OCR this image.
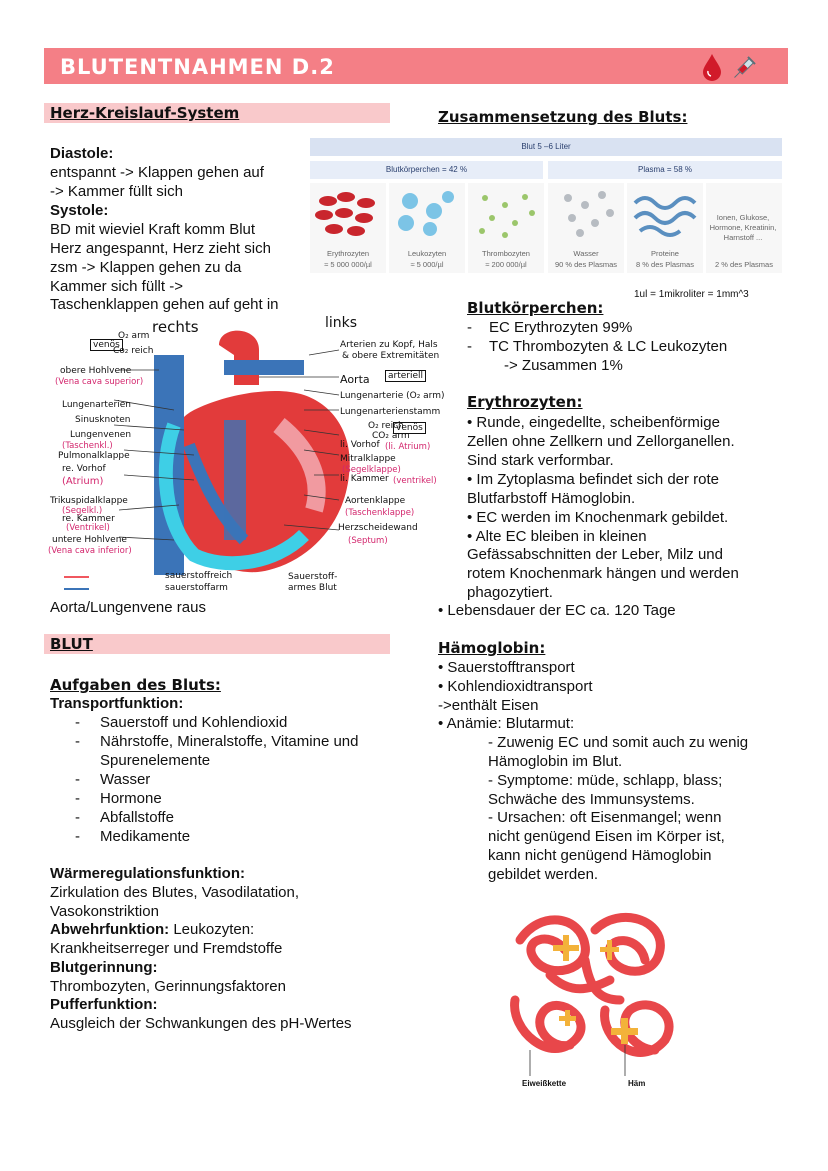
BLUTENTNAHMEN D.2
Herz-Kreislauf-System
Diastole:
entspannt -> Klappen gehen auf
-> Kammer füllt sich
Systole:
BD mit wieviel Kraft komm Blut
Herz angespannt, Herz zieht sich
zsm -> Klappen gehen zu da
Kammer sich füllt ->
Taschenklappen gehen auf geht in
O₂ arm
Co₂ reich
venös
rechts	links
obere Hohlvene
(Vena cava superior)
Lungenarterien
Sinusknoten
Lungenvenen
(Taschenkl.)
Pulmonalklappe
re. Vorhof
(Atrium)
Trikuspidalklappe
(Segelkl.)
re. Kammer
(Ventrikel)
untere Hohlvene
(Vena cava inferior)
Arterien zu Kopf, Hals
& obere Extremitäten
Aorta	arteriell
Lungenarterie (O₂ arm)
Lungenarterienstamm
O₂ reich
CO₂ arm
venös
li. Vorhof (li. Atrium)
Mitralklappe
(Segelklappe)
li. Kammer (ventrikel)
Aortenklappe
(Taschenklappe)
Herzscheidewand
(Septum)
sauerstoffreich
sauerstoffarm
Sauerstoff-
armes Blut
Aorta/Lungenvene raus
BLUT
Aufgaben des Bluts:
Transportfunktion:
- Sauerstoff und Kohlendioxid
- Nährstoffe, Mineralstoffe, Vitamine und
Spurenelemente
- Wasser
- Hormone
- Abfallstoffe
- Medikamente
Wärmeregulationsfunktion:
Zirkulation des Blutes, Vasodilatation,
Vasokonstriktion
Abwehrfunktion: Leukozyten:
Krankheitserreger und Fremdstoffe
Blutgerinnung:
Thrombozyten, Gerinnungsfaktoren
Pufferfunktion:
Ausgleich der Schwankungen des pH-Wertes
Zusammensetzung des Bluts:
Blut 5 –6 Liter
Blutkörperchen = 42 %	Plasma = 58 %
Erythrozyten
≈ 5 000 000/µl
Leukozyten
≈ 5 000/µl
Thrombozyten
≈ 200 000/µl
Wasser
90 % des Plasmas
Proteine
8 % des Plasmas
Ionen, Glukose, Hormone, Kreatinin, Harnstoff ...
2 % des Plasmas
1ul = 1mikroliter = 1mm^3
Blutkörperchen:
- EC Erythrozyten 99%
- TC Thrombozyten & LC Leukozyten
-> Zusammen 1%
Erythrozyten:
• Runde, eingedellte, scheibenförmige
Zellen ohne Zellkern und Zellorganellen.
Sind stark verformbar.
• Im Zytoplasma befindet sich der rote
Blutfarbstoff Hämoglobin.
• EC werden im Knochenmark gebildet.
• Alte EC bleiben in kleinen
Gefässabschnitten der Leber, Milz und
rotem Knochenmark hängen und werden
phagozytiert.
• Lebensdauer der EC ca. 120 Tage
Hämoglobin:
• Sauerstofftransport
• Kohlendioxidtransport
->enthält Eisen
• Anämie: Blutarmut:
- Zuwenig EC und somit auch zu wenig
Hämoglobin im Blut.
- Symptome: müde, schlapp, blass;
Schwäche des Immunsystems.
- Ursachen: oft Eisenmangel; wenn
nicht genügend Eisen im Körper ist,
kann nicht genügend Hämoglobin
gebildet werden.
Eiweißkette	Häm
